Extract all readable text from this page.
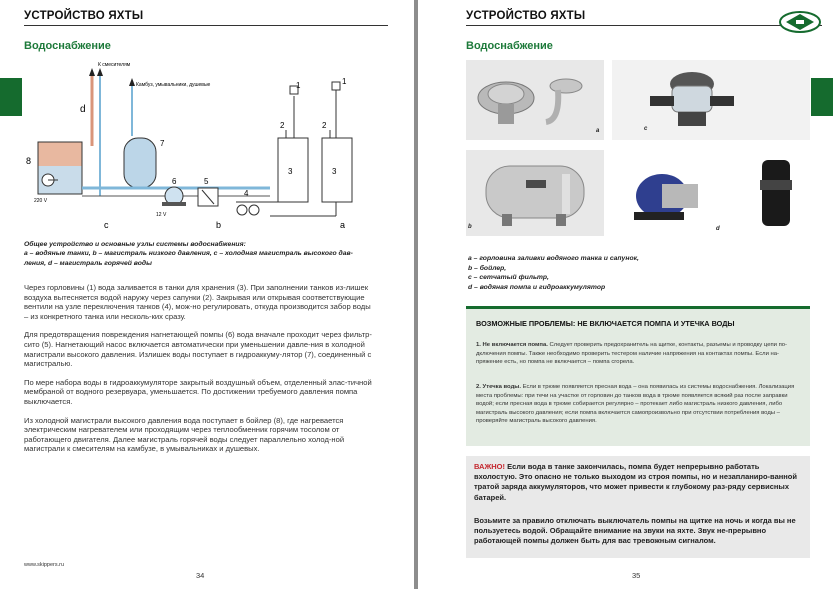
УСТРОЙСТВО ЯХТЫ
Водоснабжение
d
К смесителям
Камбуз, умывальники, душевые
8
220 V
7
6
12 V
5
4
3	3
2	2
1	1
c	b	a
Общее устройство и основные узлы системы водоснабжения:
a – водяные танки, b – магистраль низкого давления, c – холодная магистраль высокого дав-
ления, d – магистраль горячей воды

Через горловины (1) вода заливается в танки для хранения (3). При заполнении танков из-лишек воздуха вытесняется водой наружу через сапунки (2). Закрывая или открывая соответствующие вентили на узле переключения танков (4), мож-но регулировать, откуда производится забор воды – из конкретного танка или несколь-ких сразу.

Для предотвращения повреждения нагнетающей помпы (6) вода вначале проходит через фильтр-сито (5). Нагнетающий насос включается автоматически при уменьшении давле-ния в холодной магистрали высокого давления. Излишек воды поступает в гидроаккуму-лятор (7), соединенный с магистралью.

По мере набора воды в гидроаккумуляторе закрытый воздушный объем, отделенный элас-тичной мембраной от водного резервуара, уменьшается. По достижении требуемого давления помпа выключается.

Из холодной магистрали высокого давления вода поступает в бойлер (8), где нагревается электрическим нагревателем или проходящим через теплообменник горячим тосолом от работающего двигателя. Далее магистраль горячей воды следует параллельно холод-ной магистрали к смесителям на камбузе, в умывальниках и душевых.

www.skippers.ru
34
УСТРОЙСТВО ЯХТЫ
Водоснабжение
a
b
c
d
a – горловина заливки водяного танка и сапунок,
b – бойлер,
c – сетчатый фильтр,
d – водяная помпа и гидроаккумулятор
ВОЗМОЖНЫЕ ПРОБЛЕМЫ: НЕ ВКЛЮЧАЕТСЯ ПОМПА И УТЕЧКА ВОДЫ
1. Не включается помпа. Следует проверить предохранитель на щитке, контакты, разъемы и проводку цепи по-дключения помпы. Также необходимо проверить тестером наличие напряжения на контактах помпы. Если на-пряжение есть, но помпа не включается – помпа сгорела.
2. Утечка воды. Если в трюме появляется пресная вода – она появилась из системы водоснабжения. Локализация места проблемы: при течи на участке от горловин до танков вода в трюме появляется всякий раз после заправки водой; если пресная вода в трюме собирается регулярно – протекает либо магистраль низкого давления, либо магистраль высокого давления; если помпа включается самопроизвольно при отсутствии потребления воды – проверяйте магистраль высокого давления.
ВАЖНО! Если вода в танке закончилась, помпа будет непрерывно работать вхолостую. Это опасно не только выходом из строя помпы, но и незапланиро-ванной тратой заряда аккумуляторов, что может привести к глубокому раз-ряду сервисных батарей.
Возьмите за правило отключать выключатель помпы на щитке на ночь и когда вы не пользуетесь водой. Обращайте внимание на звуки на яхте. Звук не-прерывно работающей помпы должен быть для вас тревожным сигналом.
35
